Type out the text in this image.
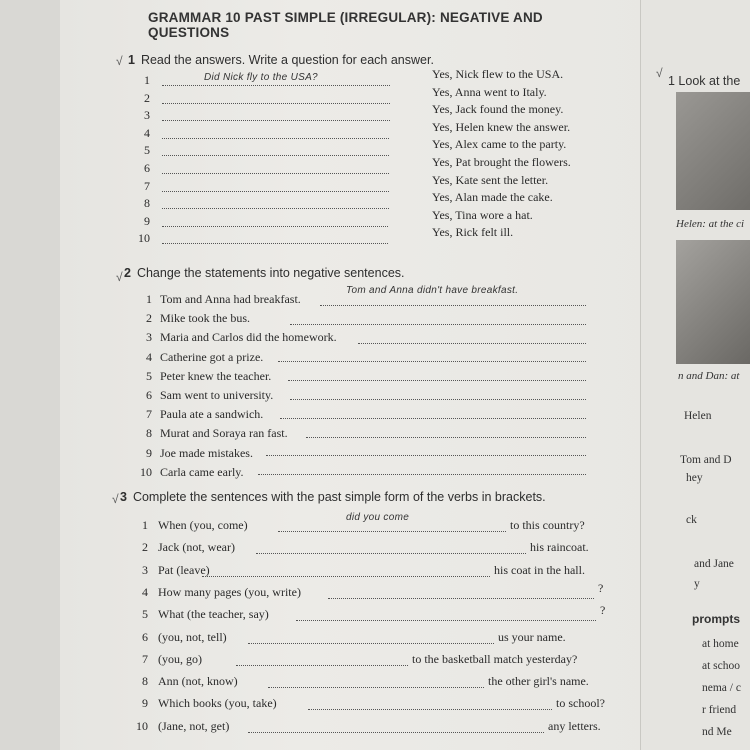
GRAMMAR 10 PAST SIMPLE (IRREGULAR): NEGATIVE AND QUESTIONS
√ 1 Read the answers. Write a question for each answer.
1	Yes, Nick flew to the USA.
2	Yes, Anna went to Italy.
3	Yes, Jack found the money.
4	Yes, Helen knew the answer.
5	Yes, Alex came to the party.
6	Yes, Pat brought the flowers.
7	Yes, Kate sent the letter.
8	Yes, Alan made the cake.
9	Yes, Tina wore a hat.
10	Yes, Rick felt ill.
Did Nick fly to the USA?
√ 2 Change the statements into negative sentences.
1 Tom and Anna had breakfast.
2 Mike took the bus.
3 Maria and Carlos did the homework.
4 Catherine got a prize.
5 Peter knew the teacher.
6 Sam went to university.
7 Paula ate a sandwich.
8 Murat and Soraya ran fast.
9 Joe made mistakes.
10 Carla came early.
Tom and Anna didn't have breakfast.
√ 3 Complete the sentences with the past simple form of the verbs in brackets.
1 When (you, come)	to this country?
2 Jack (not, wear)	his raincoat.
3 Pat (leave)	his coat in the hall.
4 How many pages (you, write)	?
5 What (the teacher, say)	?
6 (you, not, tell)	us your name.
7 (you, go)	to the basketball match yesterday?
8 Ann (not, know)	the other girl's name.
9 Which books (you, take)	to school?
10 (Jane, not, get)	any letters.
did you come
√
1 Look at the
Helen: at the ci
n and Dan: at
Helen
Tom and D
hey
ck
and Jane
y
prompts
at home
at schoo
nema / c
r friend
nd Me
